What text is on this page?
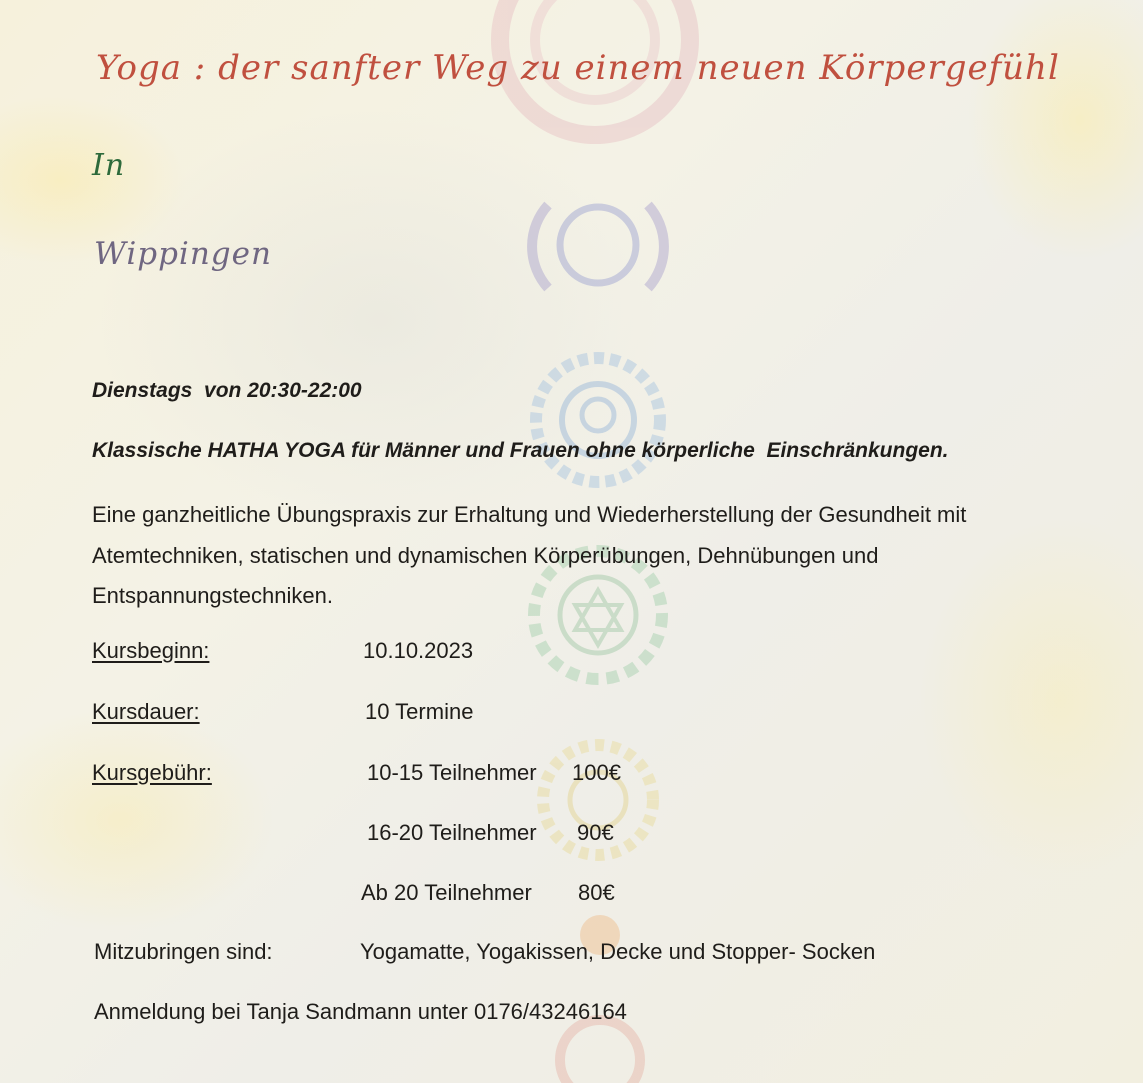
Yoga : der sanfter Weg zu einem neuen Körpergefühl
In
Wippingen
Dienstags  von 20:30-22:00
Klassische HATHA YOGA für Männer und Frauen ohne körperliche  Einschränkungen.
Eine ganzheitliche Übungspraxis zur Erhaltung und Wiederherstellung der Gesundheit mit Atemtechniken, statischen und dynamischen Körperübungen, Dehnübungen und Entspannungstechniken.
Kursbeginn:	10.10.2023
Kursdauer:	10 Termine
Kursgebühr:	10-15 Teilnehmer 100€
16-20 Teilnehmer 90€
Ab 20 Teilnehmer 80€
Mitzubringen sind:	Yogamatte, Yogakissen, Decke und Stopper- Socken
Anmeldung bei Tanja Sandmann unter 0176/43246164
